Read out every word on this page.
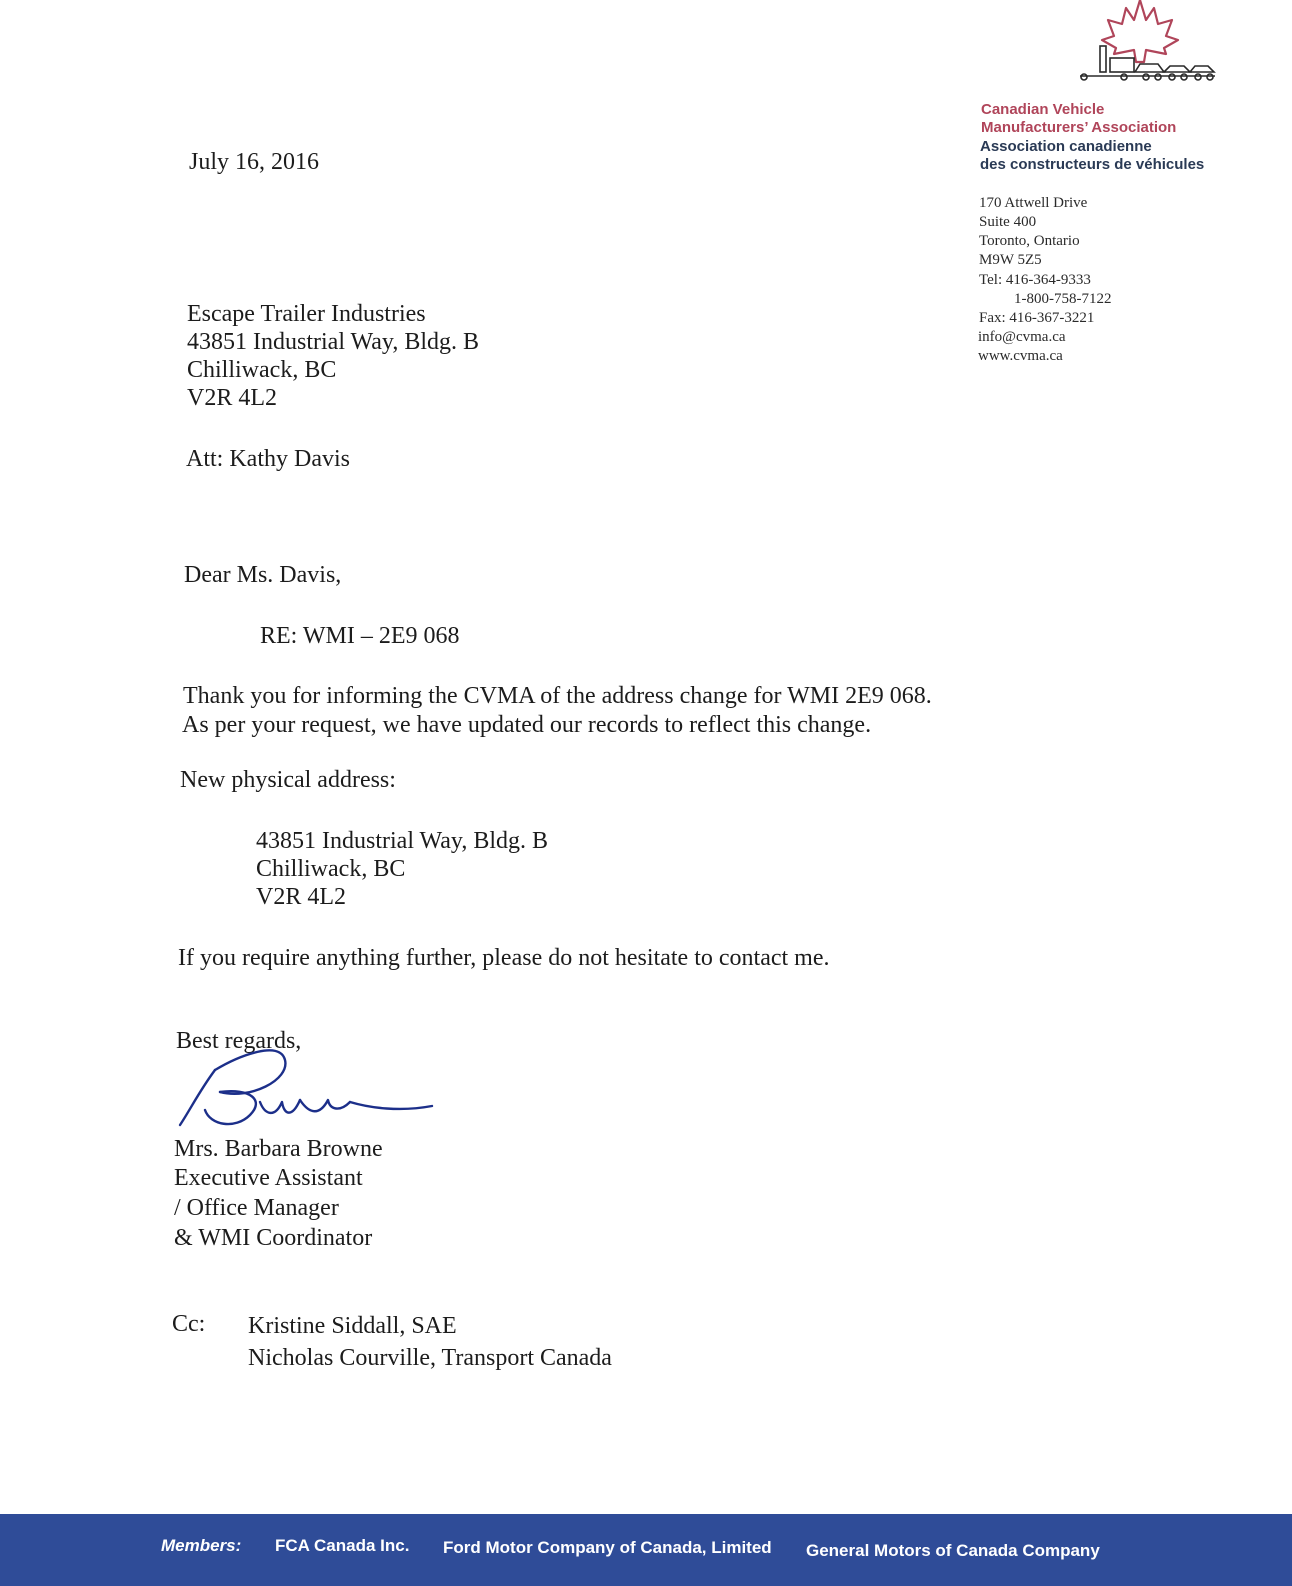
Canadian Vehicle
Manufacturers’ Association
Association canadienne
des constructeurs de véhicules
170 Attwell Drive
Suite 400
Toronto, Ontario
M9W 5Z5
Tel: 416-364-9333
1-800-758-7122
Fax: 416-367-3221
info@cvma.ca
www.cvma.ca
July 16, 2016
Escape Trailer Industries
43851 Industrial Way, Bldg. B
Chilliwack, BC
V2R 4L2
Att: Kathy Davis
Dear Ms. Davis,
RE: WMI – 2E9 068
Thank you for informing the CVMA of the address change for WMI 2E9 068.
As per your request, we have updated our records to reflect this change.
New physical address:
43851 Industrial Way, Bldg. B
Chilliwack, BC
V2R 4L2
If you require anything further, please do not hesitate to contact me.
Best regards,
Mrs. Barbara Browne
Executive Assistant
/ Office Manager
& WMI Coordinator
Cc: Kristine Siddall, SAE
Nicholas Courville, Transport Canada
Members: FCA Canada Inc. Ford Motor Company of Canada, Limited General Motors of Canada Company
